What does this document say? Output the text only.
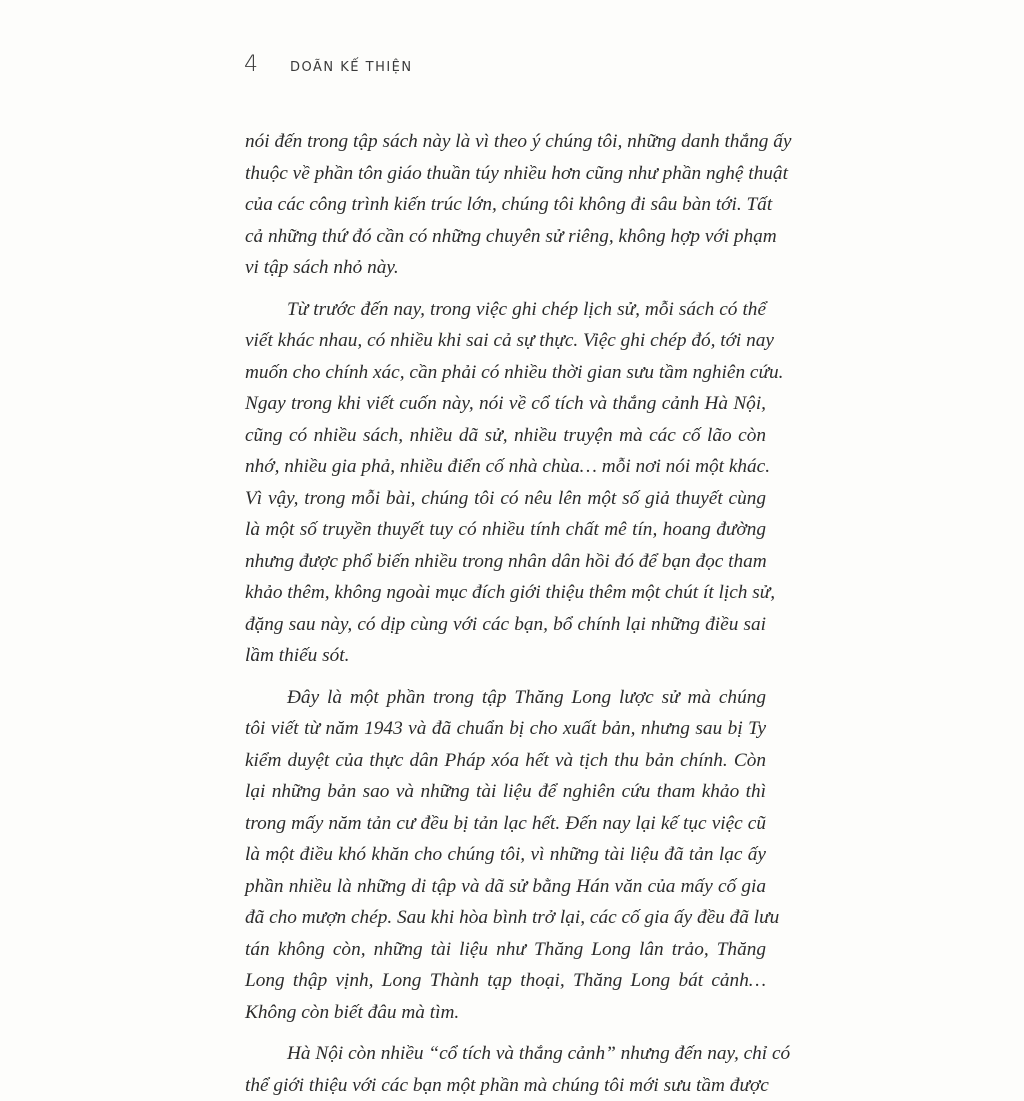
4 DOÃN KẾ THIỆN
nói đến trong tập sách này là vì theo ý chúng tôi, những danh thắng ấy
thuộc về phần tôn giáo thuần túy nhiều hơn cũng như phần nghệ thuật
của các công trình kiến trúc lớn, chúng tôi không đi sâu bàn tới. Tất
cả những thứ đó cần có những chuyên sử riêng, không hợp với phạm
vi tập sách nhỏ này.
Từ trước đến nay, trong việc ghi chép lịch sử, mỗi sách có thể
viết khác nhau, có nhiều khi sai cả sự thực. Việc ghi chép đó, tới nay
muốn cho chính xác, cần phải có nhiều thời gian sưu tầm nghiên cứu.
Ngay trong khi viết cuốn này, nói về cổ tích và thắng cảnh Hà Nội,
cũng có nhiều sách, nhiều dã sử, nhiều truyện mà các cố lão còn
nhớ, nhiều gia phả, nhiều điển cố nhà chùa… mỗi nơi nói một khác.
Vì vậy, trong mỗi bài, chúng tôi có nêu lên một số giả thuyết cùng
là một số truyền thuyết tuy có nhiều tính chất mê tín, hoang đường
nhưng được phổ biến nhiều trong nhân dân hồi đó để bạn đọc tham
khảo thêm, không ngoài mục đích giới thiệu thêm một chút ít lịch sử,
đặng sau này, có dịp cùng với các bạn, bổ chính lại những điều sai
lầm thiếu sót.
Đây là một phần trong tập Thăng Long lược sử mà chúng
tôi viết từ năm 1943 và đã chuẩn bị cho xuất bản, nhưng sau bị Ty
kiểm duyệt của thực dân Pháp xóa hết và tịch thu bản chính. Còn
lại những bản sao và những tài liệu để nghiên cứu tham khảo thì
trong mấy năm tản cư đều bị tản lạc hết. Đến nay lại kế tục việc cũ
là một điều khó khăn cho chúng tôi, vì những tài liệu đã tản lạc ấy
phần nhiều là những di tập và dã sử bằng Hán văn của mấy cố gia
đã cho mượn chép. Sau khi hòa bình trở lại, các cố gia ấy đều đã lưu
tán không còn, những tài liệu như Thăng Long lân trảo, Thăng
Long thập vịnh, Long Thành tạp thoại, Thăng Long bát cảnh…
Không còn biết đâu mà tìm.
Hà Nội còn nhiều “cổ tích và thắng cảnh” nhưng đến nay, chỉ có
thể giới thiệu với các bạn một phần mà chúng tôi mới sưu tầm được
